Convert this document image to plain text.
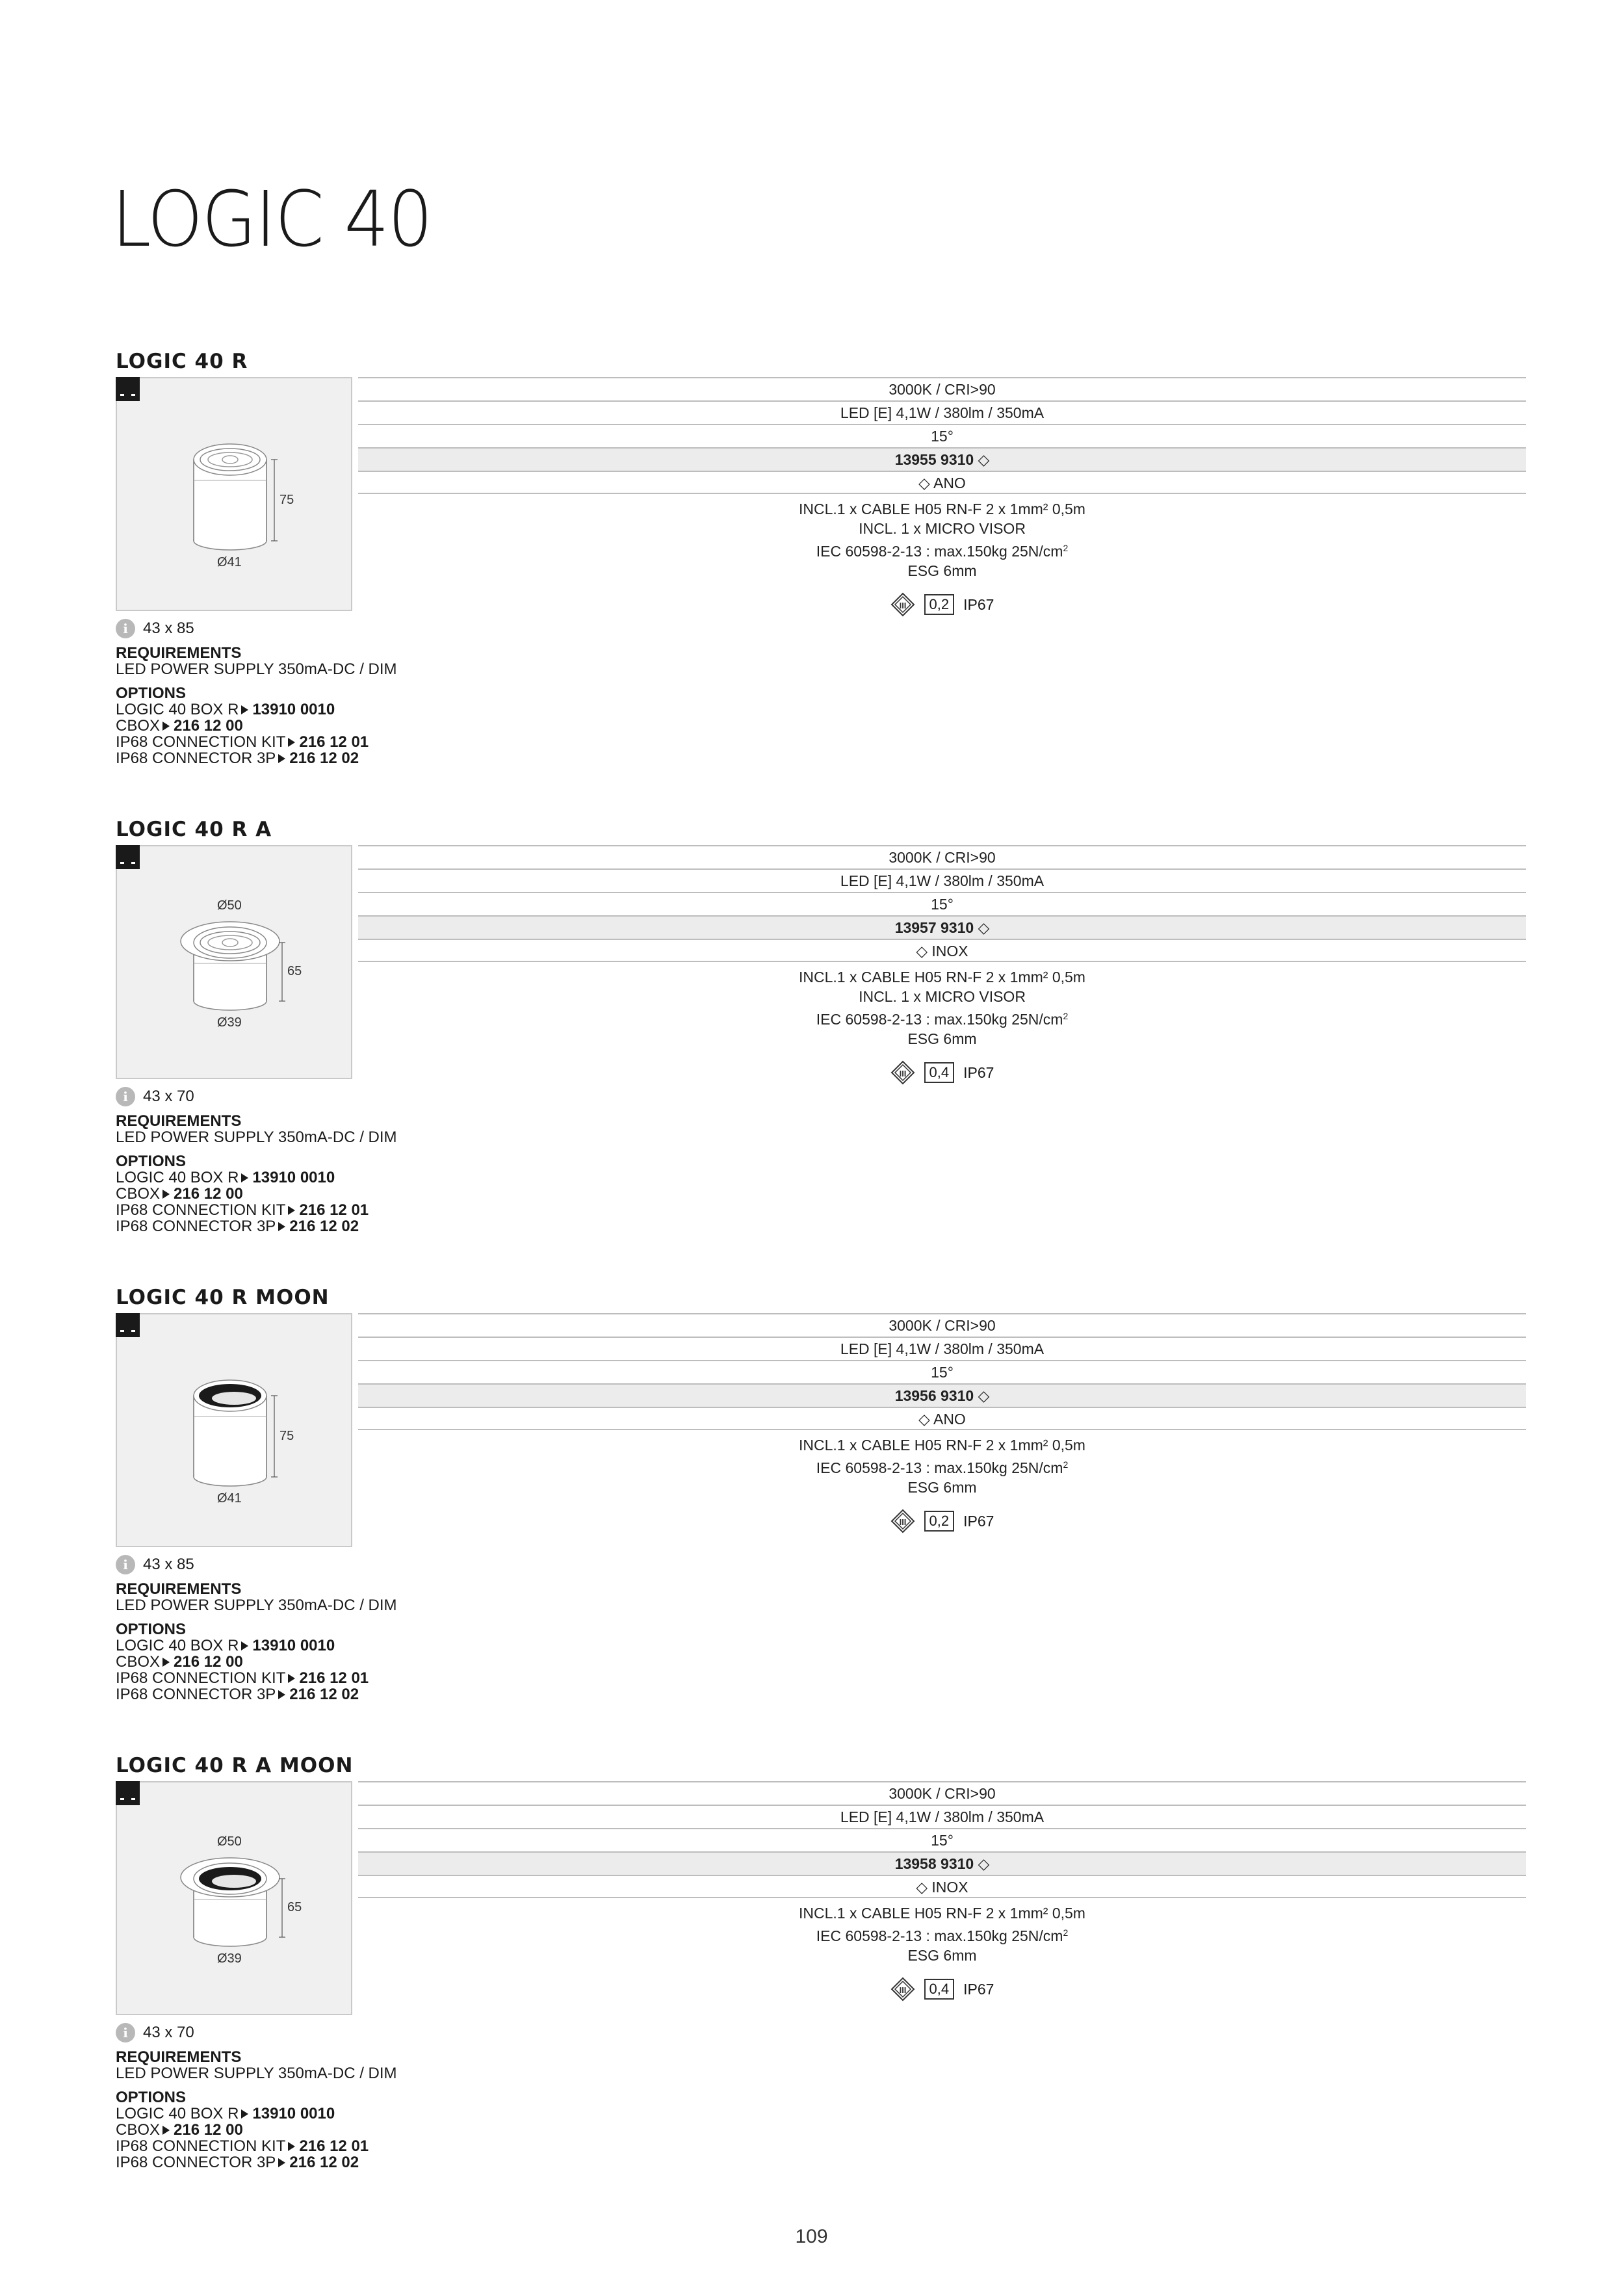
LOGIC 40
LOGIC 40 R
75
Ø41
3000K / CRI>90
LED [E] 4,1W / 380lm / 350mA
15°
13955 9310 ◇
◇ ANO
INCL.1 x CABLE H05 RN-F 2 x 1mm² 0,5m
INCL. 1 x MICRO VISOR
IEC 60598-2-13 : max.150kg $25N/cm^2$
ESG 6mm
III	0,2 IP67
i 43 x 85
REQUIREMENTS
LED POWER SUPPLY 350mA-DC / DIM
OPTIONS
LOGIC 40 BOX R 13910 0010
CBOX 216 12 00
IP68 CONNECTION KIT 216 12 01
IP68 CONNECTOR 3P 216 12 02
LOGIC 40 R A
Ø50
65
Ø39
3000K / CRI>90
LED [E] 4,1W / 380lm / 350mA
15°
13957 9310 ◇
◇ INOX
INCL.1 x CABLE H05 RN-F 2 x 1mm² 0,5m
INCL. 1 x MICRO VISOR
IEC 60598-2-13 : max.150kg $25N/cm^2$
ESG 6mm
III	0,4 IP67
i 43 x 70
REQUIREMENTS
LED POWER SUPPLY 350mA-DC / DIM
OPTIONS
LOGIC 40 BOX R 13910 0010
CBOX 216 12 00
IP68 CONNECTION KIT 216 12 01
IP68 CONNECTOR 3P 216 12 02
LOGIC 40 R MOON
75
Ø41
3000K / CRI>90
LED [E] 4,1W / 380lm / 350mA
15°
13956 9310 ◇
◇ ANO
INCL.1 x CABLE H05 RN-F 2 x 1mm² 0,5m
IEC 60598-2-13 : max.150kg $25N/cm^2$
ESG 6mm
III	0,2 IP67
i 43 x 85
REQUIREMENTS
LED POWER SUPPLY 350mA-DC / DIM
OPTIONS
LOGIC 40 BOX R 13910 0010
CBOX 216 12 00
IP68 CONNECTION KIT 216 12 01
IP68 CONNECTOR 3P 216 12 02
LOGIC 40 R A MOON
Ø50
65
Ø39
3000K / CRI>90
LED [E] 4,1W / 380lm / 350mA
15°
13958 9310 ◇
◇ INOX
INCL.1 x CABLE H05 RN-F 2 x 1mm² 0,5m
IEC 60598-2-13 : max.150kg $25N/cm^2$
ESG 6mm
III	0,4 IP67
i 43 x 70
REQUIREMENTS
LED POWER SUPPLY 350mA-DC / DIM
OPTIONS
LOGIC 40 BOX R 13910 0010
CBOX 216 12 00
IP68 CONNECTION KIT 216 12 01
IP68 CONNECTOR 3P 216 12 02
109
